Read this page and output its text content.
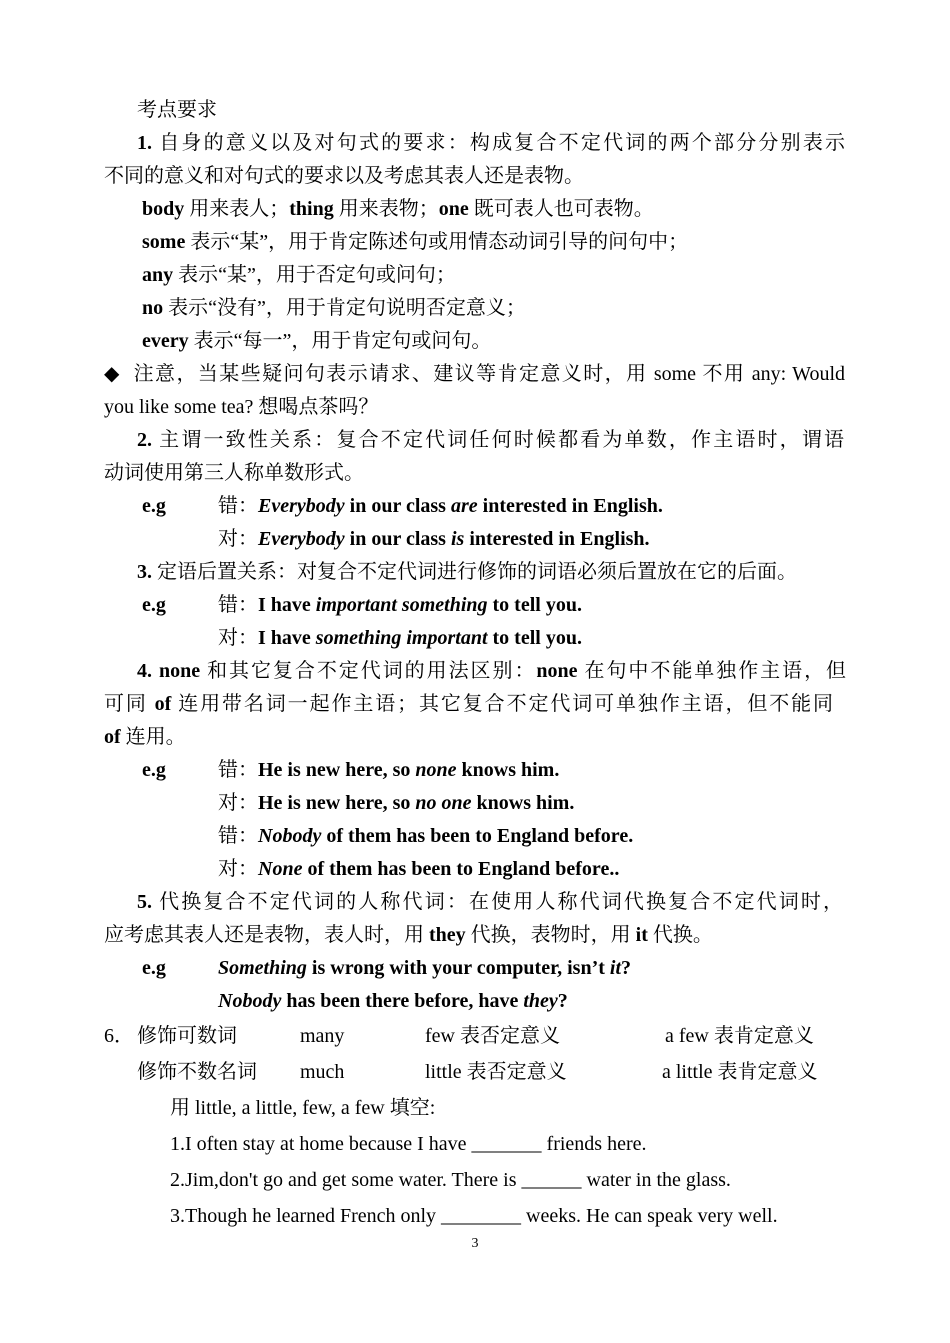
考点要求
1. 自身的意义以及对句式的要求：构成复合不定代词的两个部分分别表示
不同的意义和对句式的要求以及考虑其表人还是表物。
body 用来表人；thing 用来表物；one 既可表人也可表物。
some 表示“某”，用于肯定陈述句或用情态动词引导的问句中；
any 表示“某”，用于否定句或问句；
no 表示“没有”，用于肯定句说明否定意义；
every 表示“每一”，用于肯定句或问句。
◆ 注意，当某些疑问句表示请求、建议等肯定意义时，用 some 不用 any: Would
you like some tea? 想喝点茶吗？
2. 主谓一致性关系：复合不定代词任何时候都看为单数，作主语时，谓语
动词使用第三人称单数形式。
e.g	错：Everybody in our class are interested in English.
对：Everybody in our class is interested in English.
3. 定语后置关系：对复合不定代词进行修饰的词语必须后置放在它的后面。
e.g	错：I have important something to tell you.
对：I have something important to tell you.
4. none 和其它复合不定代词的用法区别：none 在句中不能单独作主语，但
可同 of 连用带名词一起作主语；其它复合不定代词可单独作主语，但不能同
of 连用。
e.g	错：He is new here, so none knows him.
对：He is new here, so no one knows him.
错：Nobody of them has been to England before.
对：None of them has been to England before..
5. 代换复合不定代词的人称代词：在使用人称代词代换复合不定代词时，
应考虑其表人还是表物，表人时，用 they 代换，表物时，用 it 代换。
e.g	Something is wrong with your computer, isn’t it?
Nobody has been there before, have they?
6． 修饰可数词	many	few 表否定意义	a few 表肯定意义
修饰不数名词 much	little 表否定意义	a little 表肯定意义
用 little, a little, few, a few 填空:
1.I often stay at home because I have _______ friends here.
2.Jim,don't go and get some water. There is ______ water in the glass.
3.Though he learned French only ________ weeks. He can speak very well.
3
